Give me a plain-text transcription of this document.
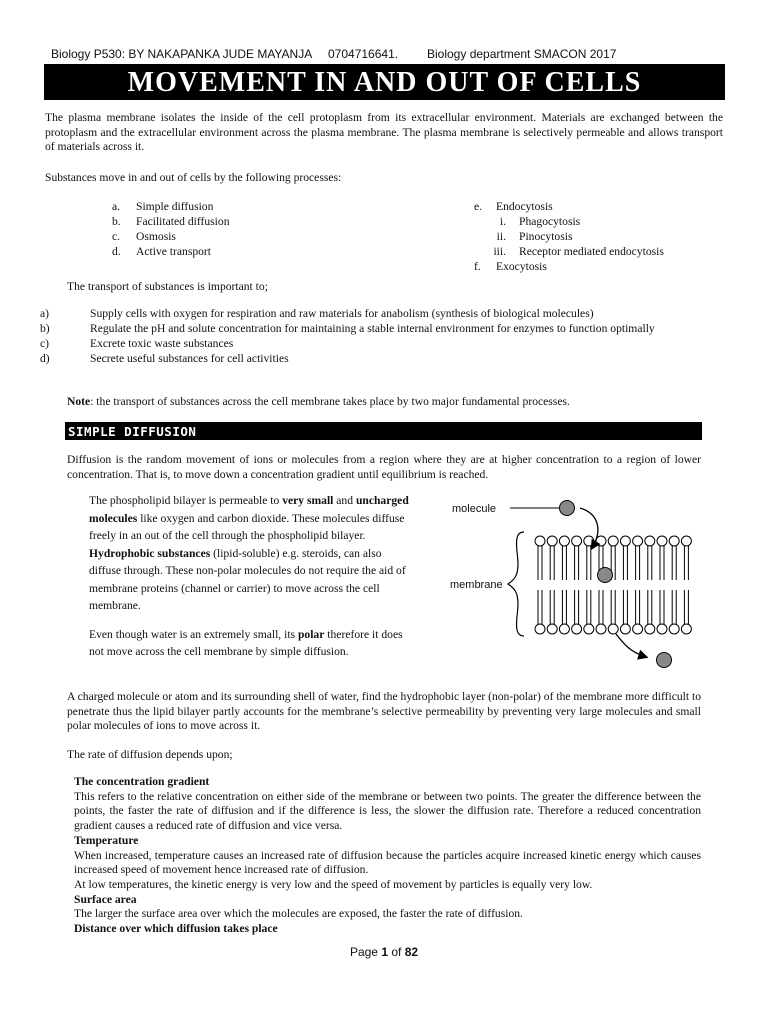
Biology P530: BY NAKAPANKA JUDE MAYANJA 0704716641. Biology department SMACON 2017
MOVEMENT IN AND OUT OF CELLS
The plasma membrane isolates the inside of the cell protoplasm from its extracellular environment. Materials are exchanged between the protoplasm and the extracellular environment across the plasma membrane. The plasma membrane is selectively permeable and allows transport of materials across it.
Substances move in and out of cells by the following processes:
a. Simple diffusion
b. Facilitated diffusion
c. Osmosis
d. Active transport
e. Endocytosis
i. Phagocytosis
ii. Pinocytosis
iii. Receptor mediated endocytosis
f. Exocytosis
The transport of substances is important to;
a)	Supply cells with oxygen for respiration and raw materials for anabolism (synthesis of biological molecules)
b)	Regulate the pH and solute concentration for maintaining a stable internal environment for enzymes to function optimally
c)	Excrete toxic waste substances
d)	Secrete useful substances for cell activities
Note: the transport of substances across the cell membrane takes place by two major fundamental processes.
SIMPLE DIFFUSION
Diffusion is the random movement of ions or molecules from a region where they are at higher concentration to a region of lower concentration. That is, to move down a concentration gradient until equilibrium is reached.
The phospholipid bilayer is permeable to very small and uncharged molecules like oxygen and carbon dioxide. These molecules diffuse freely in an out of the cell through the phospholipid bilayer. Hydrophobic substances (lipid-soluble) e.g. steroids, can also diffuse through. These non-polar molecules do not require the aid of membrane proteins (channel or carrier) to move across the cell membrane.
Even though water is an extremely small, its polar therefore it does not move across the cell membrane by simple diffusion.
molecule
membrane
A charged molecule or atom and its surrounding shell of water, find the hydrophobic layer (non-polar) of the membrane more difficult to penetrate thus the lipid bilayer partly accounts for the membrane’s selective permeability by preventing very large molecules and small polar molecules of ions to move across it.
The rate of diffusion depends upon;
The concentration gradient
This refers to the relative concentration on either side of the membrane or between two points. The greater the difference between the points, the faster the rate of diffusion and if the difference is less, the slower the diffusion rate. Therefore a reduced concentration gradient causes a reduced rate of diffusion and vice versa.
Temperature
When increased, temperature causes an increased rate of diffusion because the particles acquire increased kinetic energy which causes increased speed of movement hence increased rate of diffusion.
At low temperatures, the kinetic energy is very low and the speed of movement by particles is equally very low.
Surface area
The larger the surface area over which the molecules are exposed, the faster the rate of diffusion.
Distance over which diffusion takes place
Page 1 of 82
